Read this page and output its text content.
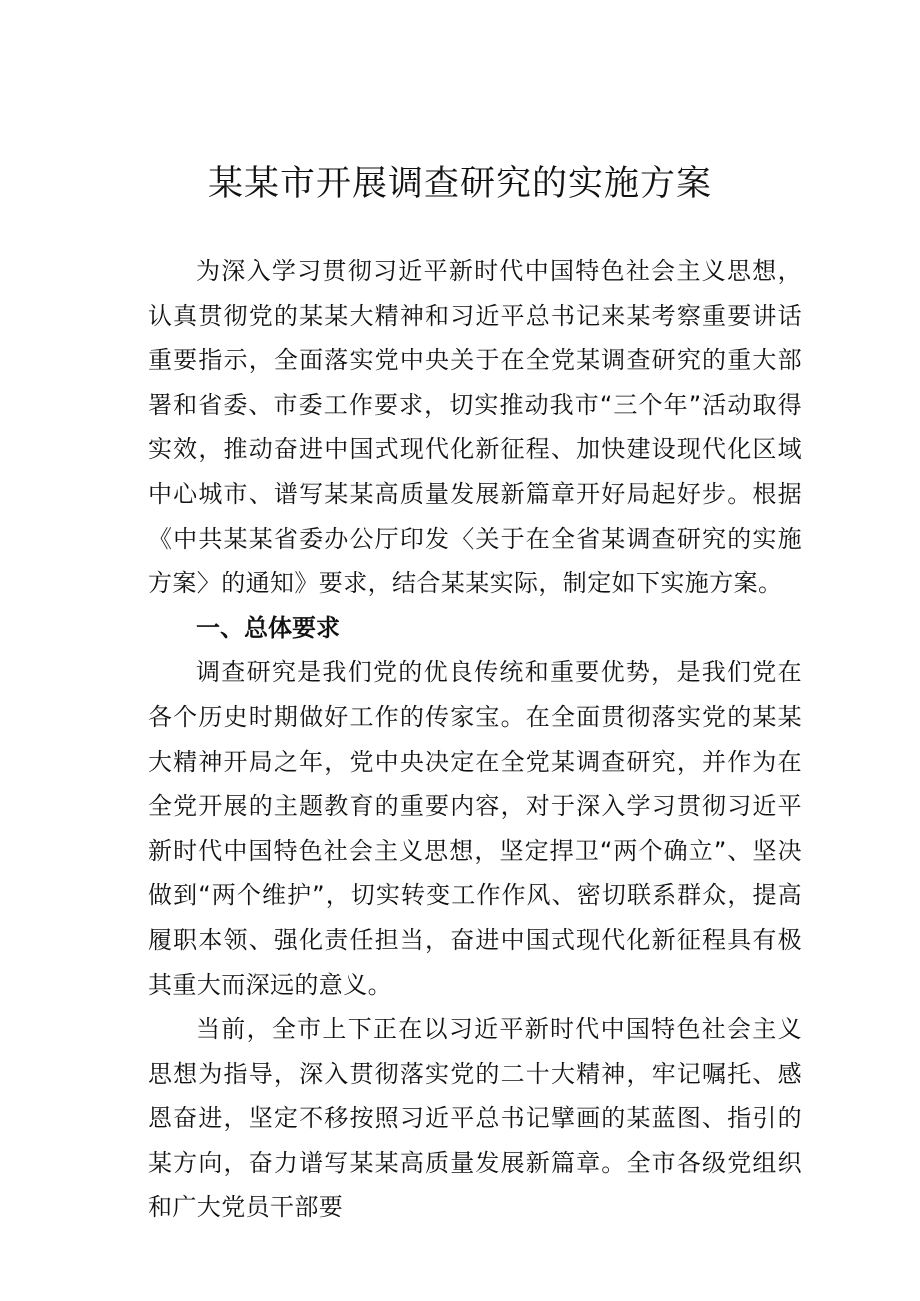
某某市开展调查研究的实施方案

为深入学习贯彻习近平新时代中国特色社会主义思想，认真贯彻党的某某大精神和习近平总书记来某考察重要讲话重要指示，全面落实党中央关于在全党某调查研究的重大部署和省委、市委工作要求，切实推动我市“三个年”活动取得实效，推动奋进中国式现代化新征程、加快建设现代化区域中心城市、谱写某某高质量发展新篇章开好局起好步。根据《中共某某省委办公厅印发〈关于在全省某调查研究的实施方案〉的通知》要求，结合某某实际，制定如下实施方案。

一、总体要求

调查研究是我们党的优良传统和重要优势，是我们党在各个历史时期做好工作的传家宝。在全面贯彻落实党的某某大精神开局之年，党中央决定在全党某调查研究，并作为在全党开展的主题教育的重要内容，对于深入学习贯彻习近平新时代中国特色社会主义思想，坚定捍卫“两个确立”、坚决做到“两个维护”，切实转变工作作风、密切联系群众，提高履职本领、强化责任担当，奋进中国式现代化新征程具有极其重大而深远的意义。

当前，全市上下正在以习近平新时代中国特色社会主义思想为指导，深入贯彻落实党的二十大精神，牢记嘱托、感恩奋进，坚定不移按照习近平总书记擘画的某蓝图、指引的某方向，奋力谱写某某高质量发展新篇章。全市各级党组织和广大党员干部要
